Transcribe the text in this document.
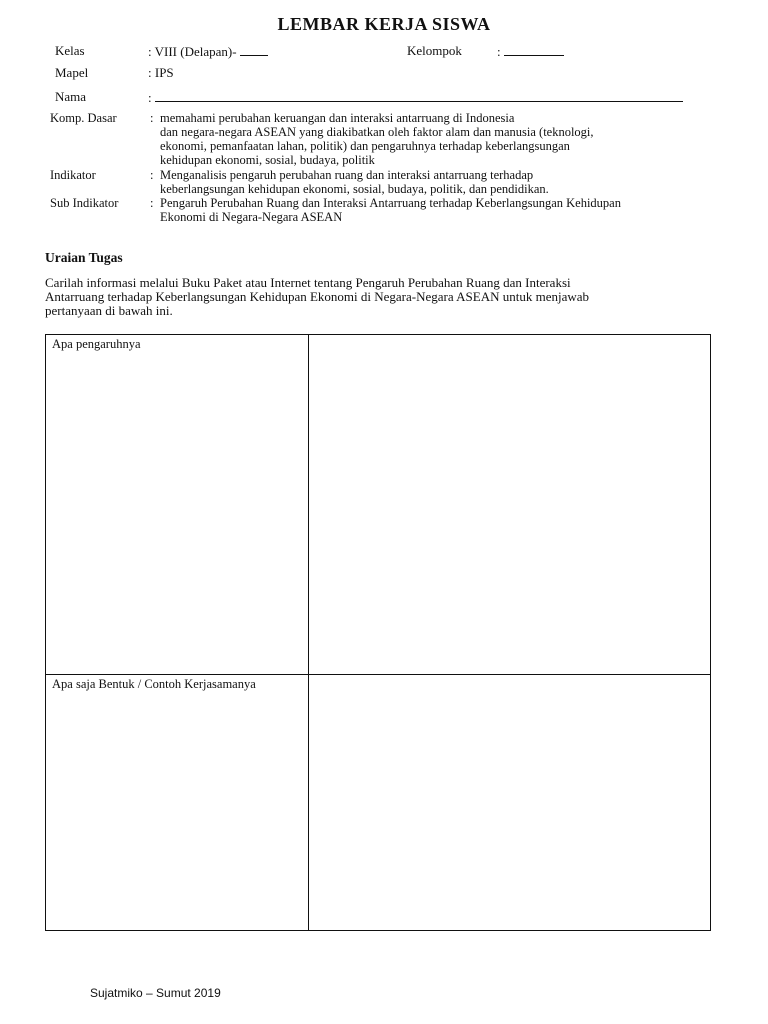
LEMBAR KERJA SISWA
Kelas	: VIII (Delapan)-	Kelompok	:
Mapel	: IPS
Nama	:
Komp. Dasar	: memahami perubahan keruangan dan interaksi antarruang di Indonesia
dan negara-negara ASEAN yang diakibatkan oleh faktor alam dan manusia (teknologi,
ekonomi, pemanfaatan lahan, politik) dan pengaruhnya terhadap keberlangsungan
kehidupan ekonomi, sosial, budaya, politik
Indikator	: Menganalisis pengaruh perubahan ruang dan interaksi antarruang terhadap
keberlangsungan kehidupan ekonomi, sosial, budaya, politik, dan pendidikan.
Sub Indikator	: Pengaruh Perubahan Ruang dan Interaksi Antarruang terhadap Keberlangsungan Kehidupan
Ekonomi di Negara-Negara ASEAN
Uraian Tugas
Carilah informasi melalui Buku Paket atau Internet tentang Pengaruh Perubahan Ruang dan Interaksi
Antarruang terhadap Keberlangsungan Kehidupan Ekonomi di Negara-Negara ASEAN untuk menjawab
pertanyaan di bawah ini.
Apa pengaruhnya	
Apa saja Bentuk / Contoh Kerjasamanya	
Sujatmiko – Sumut 2019
